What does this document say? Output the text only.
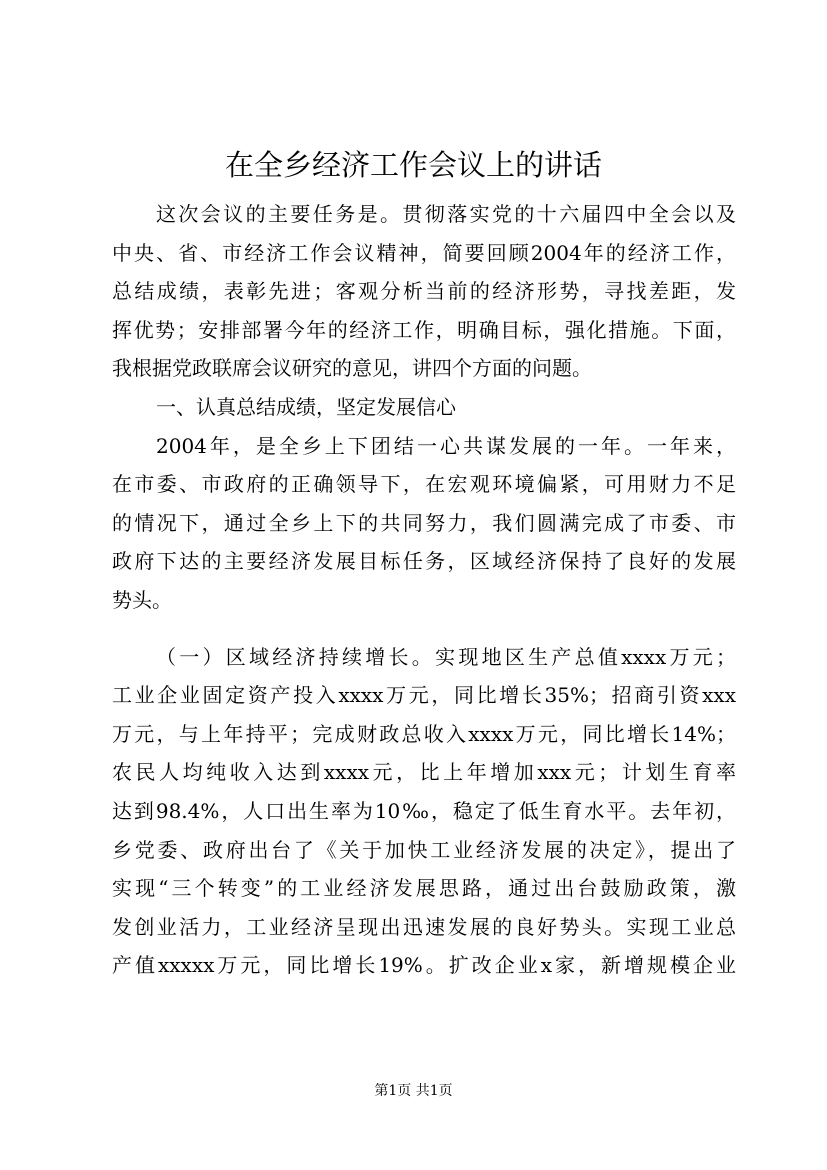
在全乡经济工作会议上的讲话
这次会议的主要任务是。贯彻落实党的十六届四中全会以及
中央、省、市经济工作会议精神，简要回顾2004年的经济工作，
总结成绩，表彰先进；客观分析当前的经济形势，寻找差距，发
挥优势；安排部署今年的经济工作，明确目标，强化措施。下面，
我根据党政联席会议研究的意见，讲四个方面的问题。
一、认真总结成绩，坚定发展信心
2004年，是全乡上下团结一心共谋发展的一年。一年来，
在市委、市政府的正确领导下，在宏观环境偏紧，可用财力不足
的情况下，通过全乡上下的共同努力，我们圆满完成了市委、市
政府下达的主要经济发展目标任务，区域经济保持了良好的发展
势头。
（一）区域经济持续增长。实现地区生产总值xxxx万元；
工业企业固定资产投入xxxx万元，同比增长35%；招商引资xxx
万元，与上年持平；完成财政总收入xxxx万元，同比增长14%；
农民人均纯收入达到xxxx元，比上年增加xxx元；计划生育率
达到98.4%，人口出生率为10‰，稳定了低生育水平。去年初，
乡党委、政府出台了《关于加快工业经济发展的决定》，提出了
实现“三个转变”的工业经济发展思路，通过出台鼓励政策，激
发创业活力，工业经济呈现出迅速发展的良好势头。实现工业总
产值xxxxx万元，同比增长19%。扩改企业x家，新增规模企业
第1页 共1页
